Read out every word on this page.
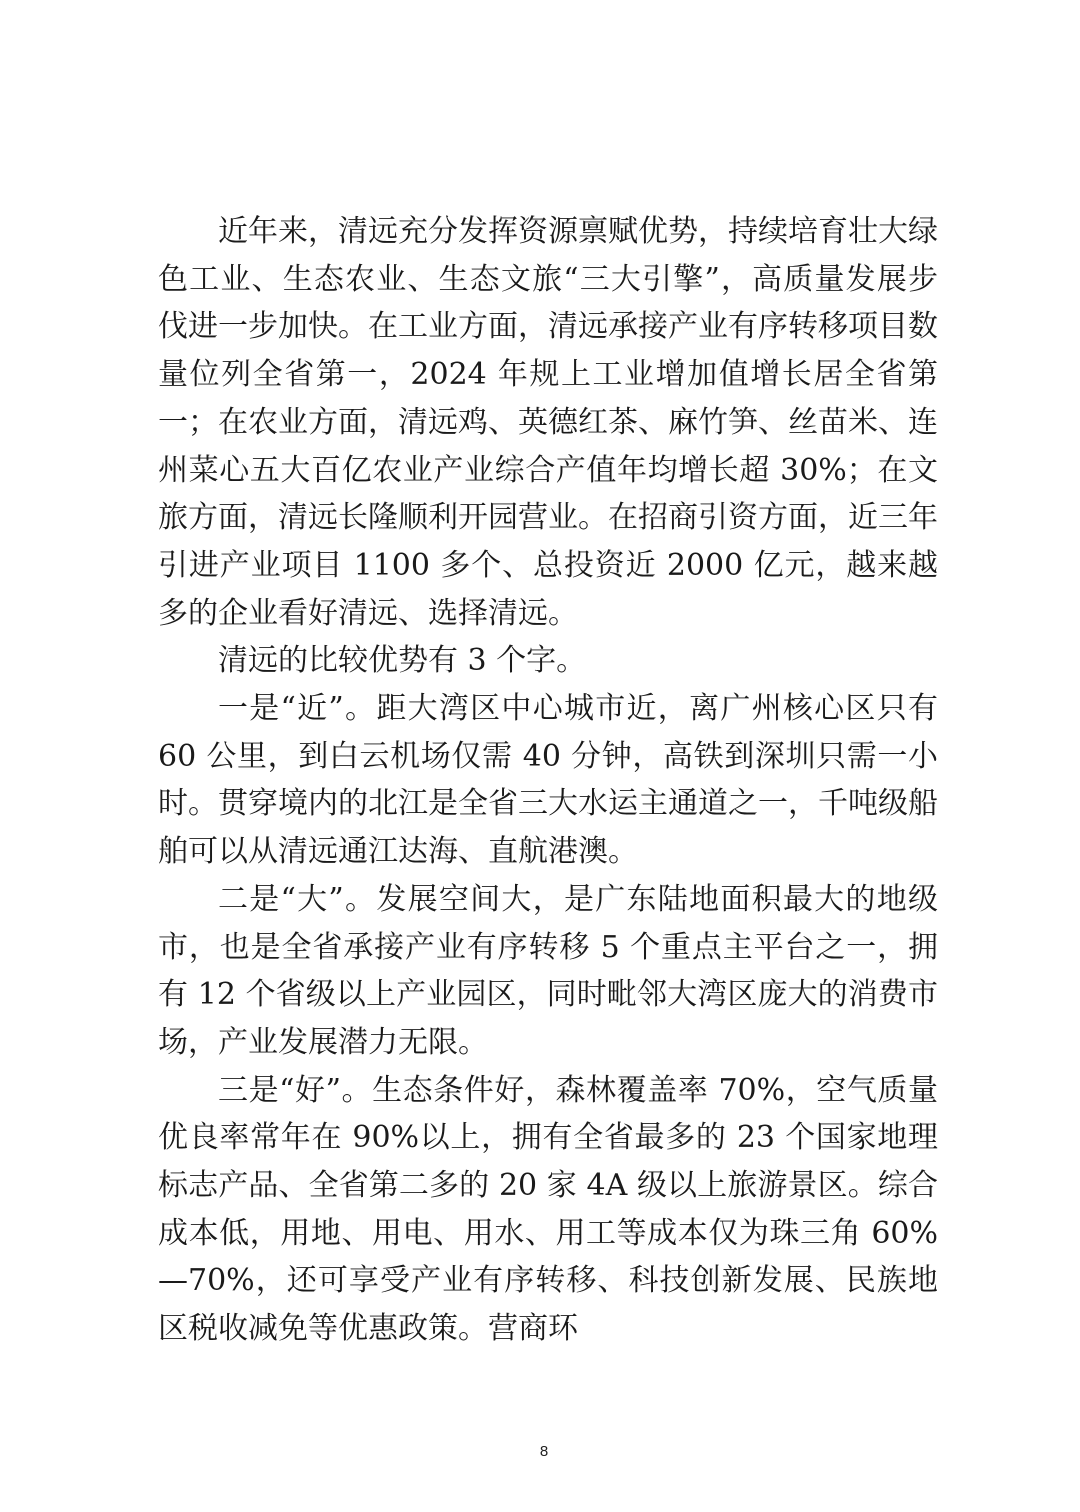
近年来，清远充分发挥资源禀赋优势，持续培育壮大绿色工业、生态农业、生态文旅“三大引擎”，高质量发展步伐进一步加快。在工业方面，清远承接产业有序转移项目数量位列全省第一，2024 年规上工业增加值增长居全省第一；在农业方面，清远鸡、英德红茶、麻竹笋、丝苗米、连州菜心五大百亿农业产业综合产值年均增长超 30%；在文旅方面，清远长隆顺利开园营业。在招商引资方面，近三年引进产业项目 1100 多个、总投资近 2000 亿元，越来越多的企业看好清远、选择清远。

清远的比较优势有 3 个字。

一是“近”。距大湾区中心城市近，离广州核心区只有 60 公里，到白云机场仅需 40 分钟，高铁到深圳只需一小时。贯穿境内的北江是全省三大水运主通道之一，千吨级船舶可以从清远通江达海、直航港澳。

二是“大”。发展空间大，是广东陆地面积最大的地级市，也是全省承接产业有序转移 5 个重点主平台之一，拥有 12 个省级以上产业园区，同时毗邻大湾区庞大的消费市场，产业发展潜力无限。

三是“好”。生态条件好，森林覆盖率 70%，空气质量优良率常年在 90%以上，拥有全省最多的 23 个国家地理标志产品、全省第二多的 20 家 4A 级以上旅游景区。综合成本低，用地、用电、用水、用工等成本仅为珠三角 60%—70%，还可享受产业有序转移、科技创新发展、民族地区税收减免等优惠政策。营商环

8
